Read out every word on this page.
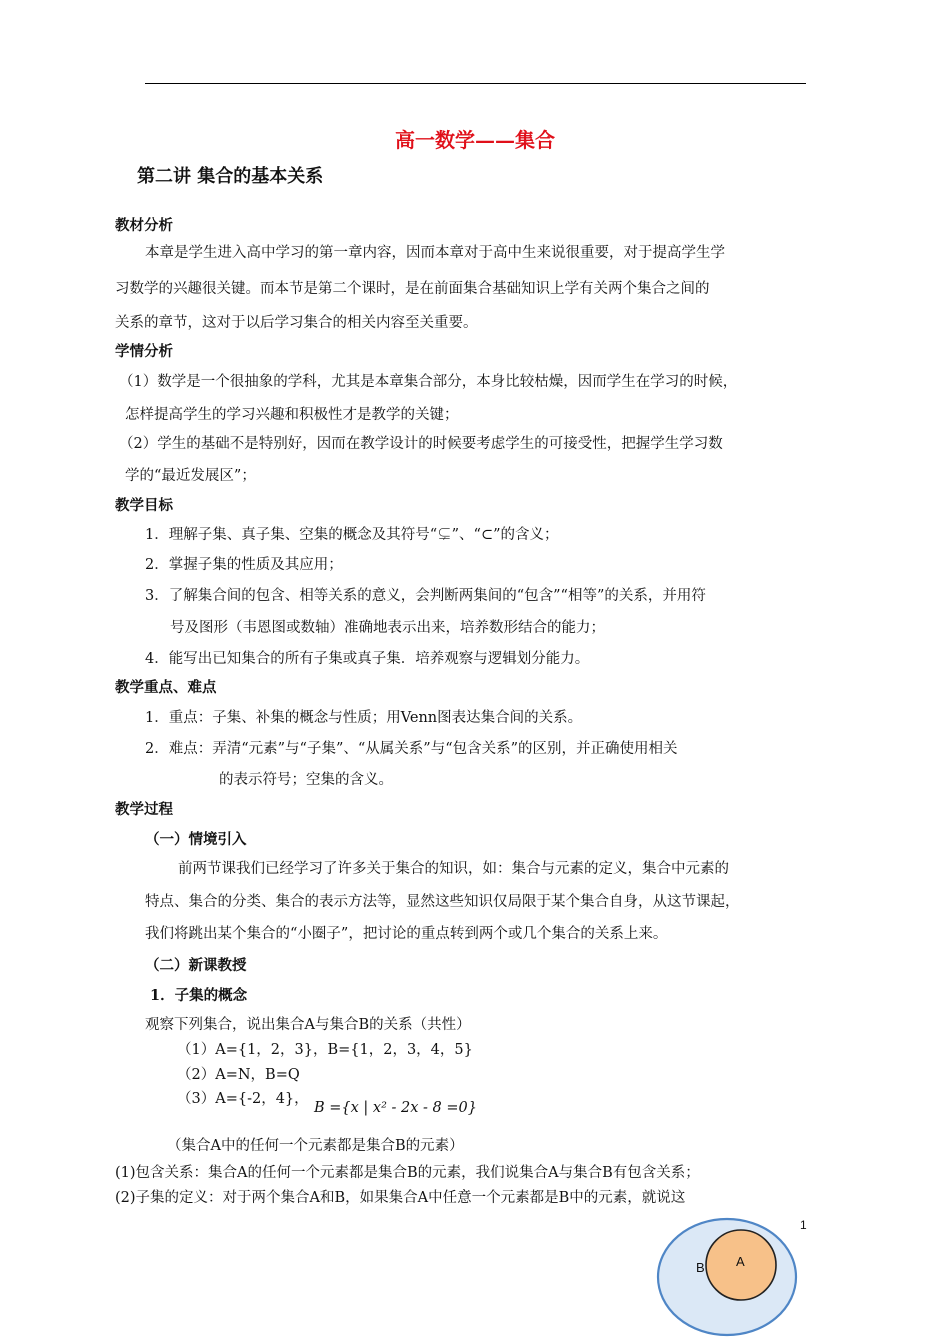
高一数学——集合
第二讲 集合的基本关系
教材分析
本章是学生进入高中学习的第一章内容，因而本章对于高中生来说很重要，对于提高学生学
习数学的兴趣很关键。而本节是第二个课时，是在前面集合基础知识上学有关两个集合之间的
关系的章节，这对于以后学习集合的相关内容至关重要。
学情分析
（1）数学是一个很抽象的学科，尤其是本章集合部分，本身比较枯燥，因而学生在学习的时候，
怎样提高学生的学习兴趣和积极性才是教学的关键；
（2）学生的基础不是特别好，因而在教学设计的时候要考虑学生的可接受性，把握学生学习数
学的“最近发展区”；
教学目标
1．理解子集、真子集、空集的概念及其符号“⊊”、“⊂”的含义；
2．掌握子集的性质及其应用；
3．了解集合间的包含、相等关系的意义，会判断两集间的“包含”“相等”的关系，并用符
号及图形（韦恩图或数轴）准确地表示出来，培养数形结合的能力；
4．能写出已知集合的所有子集或真子集．培养观察与逻辑划分能力。
教学重点、难点
1．重点：子集、补集的概念与性质；用Venn图表达集合间的关系。
2．难点：弄清“元素”与“子集”、“从属关系”与“包含关系”的区别，并正确使用相关
的表示符号；空集的含义。
教学过程
（一）情境引入
前两节课我们已经学习了许多关于集合的知识，如：集合与元素的定义，集合中元素的
特点、集合的分类、集合的表示方法等，显然这些知识仅局限于某个集合自身，从这节课起，
我们将跳出某个集合的“小圈子”，把讨论的重点转到两个或几个集合的关系上来。
（二）新课教授
1．子集的概念
观察下列集合，说出集合A与集合B的关系（共性）
（1）A={1，2，3}，B={1，2，3，4，5}
（2）A=N，B=Q
（3）A={-2，4}，
B ={x | x² - 2x - 8 =0}
（集合A中的任何一个元素都是集合B的元素）
(1)包含关系：集合A的任何一个元素都是集合B的元素，我们说集合A与集合B有包含关系；
(2)子集的定义：对于两个集合A和B，如果集合A中任意一个元素都是B中的元素，就说这
B A
1
